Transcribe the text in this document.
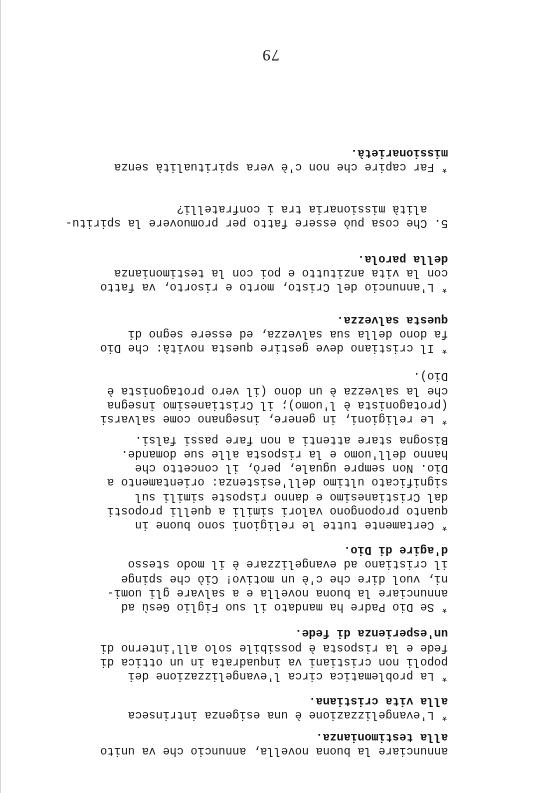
79
annunciare la buona novella, annuncio che va unito
alla testimonianza.
* L'evangelizzazione è una esigenza intrinseca
alla vita cristiana.
* La problematica circa l'evangelizzazione dei
popoli non cristiani va inquadrata in un ottica di
fede e la risposta è possibile solo all'interno di
un'esperienza di fede.
* Se Dio Padre ha mandato il suo Figlio Gesù ad
annunciare la buona novella e a salvare gli uomi-
ni, vuol dire che c'è un motivo! Ciò che spinge
il cristiano ad evangelizzare è il modo stesso
d'agire di Dio.
* Certamente tutte le religioni sono buone in
quanto propongono valori simili a quelli proposti
dal Cristianesimo e danno risposte simili sul
significato ultimo dell'esistenza: orientamento a
Dio. Non sempre uguale, però, il concetto che
hanno dell'uomo e la risposta alle sue domande.
Bisogna stare attenti a non fare passi falsi.
* Le religioni, in genere, insegnano come salvarsi
(protagonista è l'uomo); il Cristianesimo insegna
che la salvezza è un dono (il vero protagonista è
Dio).
* Il cristiano deve gestire questa novità: che Dio
fa dono della sua salvezza, ed essere segno di
questa salvezza.
* L'annuncio del Cristo, morto e risorto, va fatto
con la vita anzitutto e poi con la testimonianza
della parola.
5. Che cosa può essere fatto per promuovere la spiritu-
alità missionaria tra i confratelli?
* Far capire che non c'è vera spiritualità senza
missionarietà.
